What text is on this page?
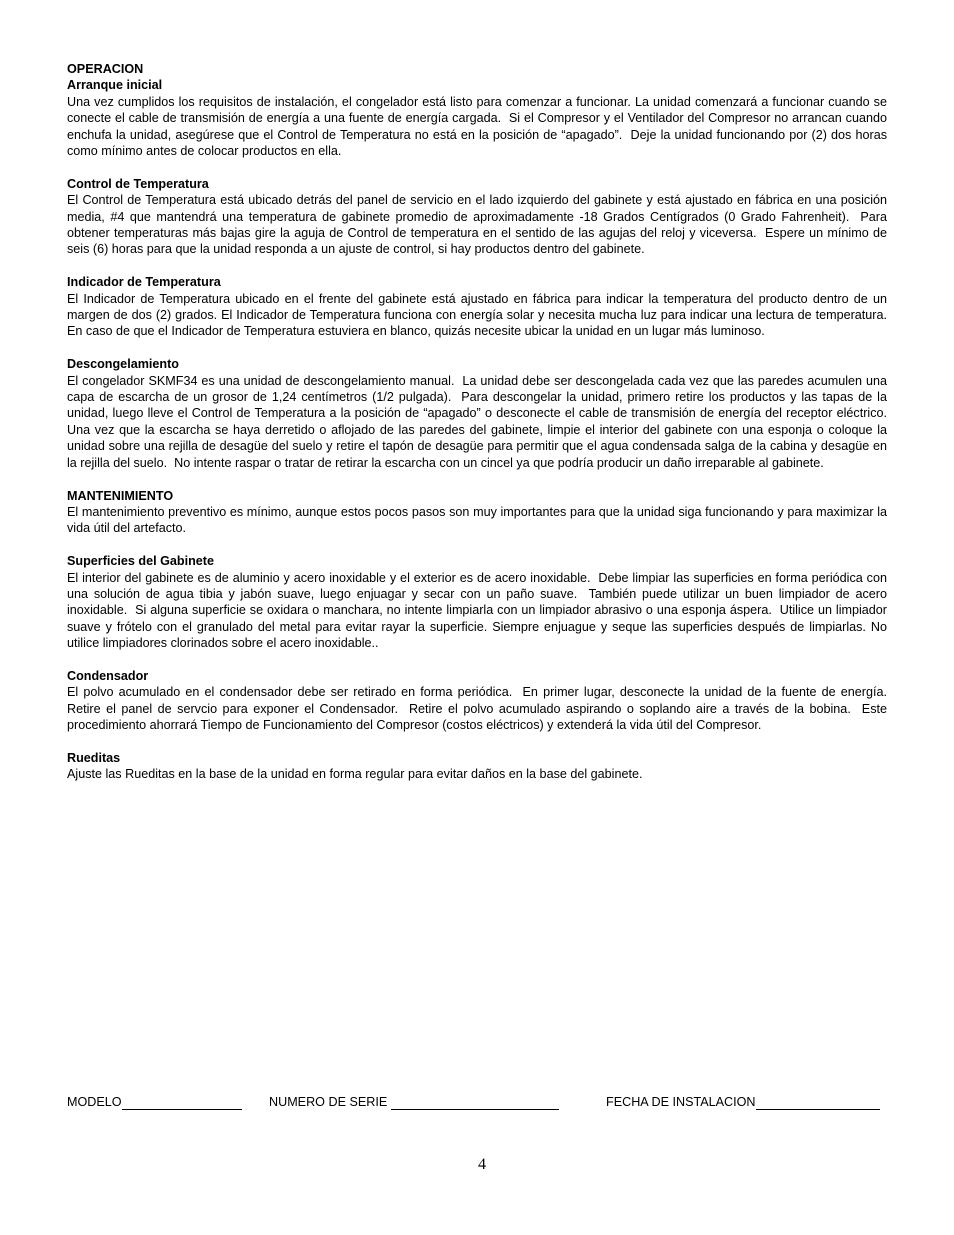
OPERACION
Arranque inicial

Una vez cumplidos los requisitos de instalación, el congelador está listo para comenzar a funcionar. La unidad comenzará a funcionar cuando se conecte el cable de transmisión de energía a una fuente de energía cargada.  Si el Compresor y el Ventilador del Compresor no arrancan cuando enchufa la unidad, asegúrese que el Control de Temperatura no está en la posición de “apagado”.  Deje la unidad funcionando por (2) dos horas como mínimo antes de colocar productos en ella.

Control de Temperatura

El Control de Temperatura está ubicado detrás del panel de servicio en el lado izquierdo del gabinete y está ajustado en fábrica en una posición media, #4 que mantendrá una temperatura de gabinete promedio de aproximadamente -18 Grados Centígrados (0 Grado Fahrenheit).  Para obtener temperaturas más bajas gire la aguja de Control de temperatura en el sentido de las agujas del reloj y viceversa.  Espere un mínimo de seis (6) horas para que la unidad responda a un ajuste de control, si hay productos dentro del gabinete.

Indicador de Temperatura

El Indicador de Temperatura ubicado en el frente del gabinete está ajustado en fábrica para indicar la temperatura del producto dentro de un margen de dos (2) grados. El Indicador de Temperatura funciona con energía solar y necesita mucha luz para indicar una lectura de temperatura. En caso de que el Indicador de Temperatura estuviera en blanco, quizás necesite ubicar la unidad en un lugar más luminoso.

Descongelamiento

El congelador SKMF34 es una unidad de descongelamiento manual.  La unidad debe ser descongelada cada vez que las paredes acumulen una capa de escarcha de un grosor de 1,24 centímetros (1/2 pulgada).  Para descongelar la unidad, primero retire los productos y las tapas de la unidad, luego lleve el Control de Temperatura a la posición de “apagado” o desconecte el cable de transmisión de energía del receptor eléctrico.  Una vez que la escarcha se haya derretido o aflojado de las paredes del gabinete, limpie el interior del gabinete con una esponja o coloque la unidad sobre una rejilla de desagüe del suelo y retire el tapón de desagüe para permitir que el agua condensada salga de la cabina y desagüe en la rejilla del suelo.  No intente raspar o tratar de retirar la escarcha con un cincel ya que podría producir un daño irreparable al gabinete.

MANTENIMIENTO

El mantenimiento preventivo es mínimo, aunque estos pocos pasos son muy importantes para que la unidad siga funcionando y para maximizar la vida útil del artefacto.

Superficies del Gabinete

El interior del gabinete es de aluminio y acero inoxidable y el exterior es de acero inoxidable.  Debe limpiar las superficies en forma periódica con una solución de agua tibia y jabón suave, luego enjuagar y secar con un paño suave.  También puede utilizar un buen limpiador de acero inoxidable.  Si alguna superficie se oxidara o manchara, no intente limpiarla con un limpiador abrasivo o una esponja áspera.  Utilice un limpiador suave y frótelo con el granulado del metal para evitar rayar la superficie. Siempre enjuague y seque las superficies después de limpiarlas. No utilice limpiadores clorinados sobre el acero inoxidable..

Condensador

El polvo acumulado en el condensador debe ser retirado en forma periódica.  En primer lugar, desconecte la unidad de la fuente de energía.  Retire el panel de servcio para exponer el Condensador.  Retire el polvo acumulado aspirando o soplando aire a través de la bobina.  Este procedimiento ahorrará Tiempo de Funcionamiento del Compresor (costos eléctricos) y extenderá la vida útil del Compresor.

Rueditas

Ajuste las Rueditas en la base de la unidad en forma regular para evitar daños en la base del gabinete.

MODELO	NUMERO DE SERIE	FECHA DE INSTALACION
4
